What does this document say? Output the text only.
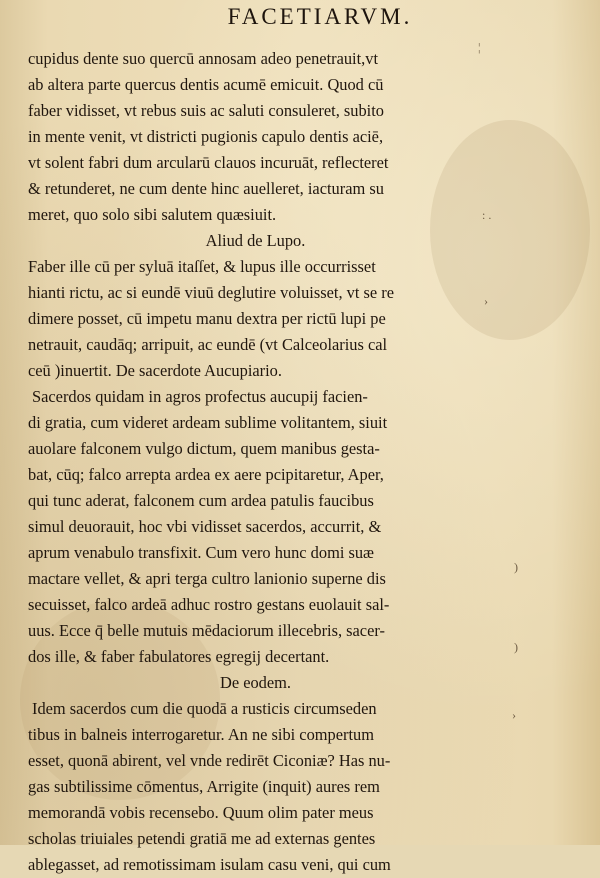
FACETIARVM.
cupidus dente suo quercū annosam adeo penetrauit,vt
ab altera parte quercus dentis acumē emicuit. Quod cū
faber vidisset, vt rebus suis ac saluti consuleret, subito
in mente venit, vt districti pugionis capulo dentis aciē,
vt solent fabri dum arcularū clauos incuruāt, reflecteret
& retunderet, ne cum dente hinc auelleret, iacturam su
meret, quo solo sibi salutem quæsiuit.
Aliud de Lupo.
Faber ille cū per syluā itaſſet, & lupus ille occurrisset
hianti rictu, ac si eundē viuū deglutire voluisset, vt se re
dimere posset, cū impetu manu dextra per rictū lupi pe
netrauit, caudāq; arripuit, ac eundē (vt Calceolarius cal
ceū )inuertit. De sacerdote Aucupiario.
Sacerdos quidam in agros profectus aucupij facien-
di gratia, cum videret ardeam sublime volitantem, siuit
auolare falconem vulgo dictum, quem manibus gesta-
bat, cūq; falco arrepta ardea ex aere pcipitaretur, Aper,
qui tunc aderat, falconem cum ardea patulis faucibus
simul deuorauit, hoc vbi vidisset sacerdos, accurrit, &
aprum venabulo transfixit. Cum vero hunc domi suæ
mactare vellet, & apri terga cultro lanionio superne dis
secuisset, falco ardeā adhuc rostro gestans euolauit sal-
uus. Ecce q̄ belle mutuis mēdaciorum illecebris, sacer-
dos ille, & faber fabulatores egregij decertant.
De eodem.
Idem sacerdos cum die quodā a rusticis circumseden
tibus in balneis interrogaretur. An ne sibi compertum
esset, quonā abirent, vel vnde redirēt Ciconiæ? Has nu-
gas subtilissime cōmentus, Arrigite (inquit) aures rem
memorandā vobis recensebo. Quum olim pater meus
scholas triuiales petendi gratiā me ad externas gentes
ablegasset, ad remotissimam isulam casu veni, qui cum
¦
: .
›
)
)
›
